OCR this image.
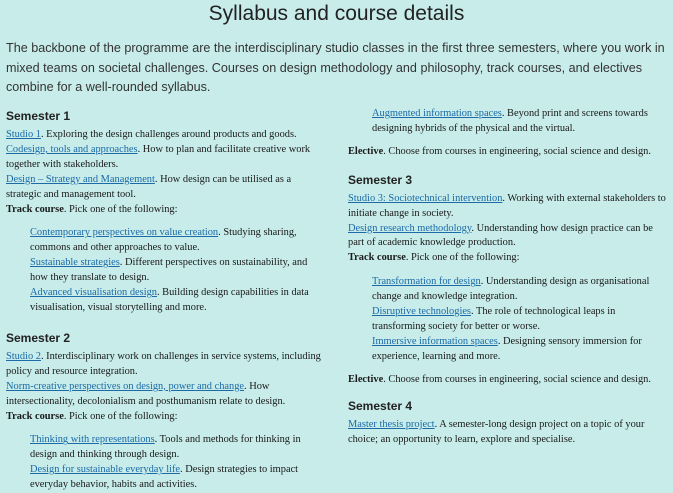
Syllabus and course details
The backbone of the programme are the interdisciplinary studio classes in the first three semesters, where you work in mixed teams on societal challenges. Courses on design methodology and philosophy, track courses, and electives combine for a well-rounded syllabus.
Semester 1

Studio 1. Exploring the design challenges around products and goods.

Codesign, tools and approaches. How to plan and facilitate creative work together with stakeholders.

Design – Strategy and Management. How design can be utilised as a strategic and management tool.

Track course. Pick one of the following:

Contemporary perspectives on value creation. Studying sharing, commons and other approaches to value.

Sustainable strategies. Different perspectives on sustainability, and how they translate to design.

Advanced visualisation design. Building design capabilities in data visualisation, visual storytelling and more.

Semester 2

Studio 2. Interdisciplinary work on challenges in service systems, including policy and resource integration.

Norm-creative perspectives on design, power and change. How intersectionality, decolonialism and posthumanism relate to design.

Track course. Pick one of the following:

Thinking with representations. Tools and methods for thinking in design and thinking through design.

Design for sustainable everyday life. Design strategies to impact everyday behavior, habits and activities.

Augmented information spaces. Beyond print and screens towards designing hybrids of the physical and the virtual.

Elective. Choose from courses in engineering, social science and design.

Semester 3

Studio 3: Sociotechnical intervention. Working with external stakeholders to initiate change in society.

Design research methodology. Understanding how design practice can be part of academic knowledge production.

Track course. Pick one of the following:

Transformation for design. Understanding design as organisational change and knowledge integration.

Disruptive technologies. The role of technological leaps in transforming society for better or worse.

Immersive information spaces. Designing sensory immersion for experience, learning and more.

Elective. Choose from courses in engineering, social science and design.

Semester 4

Master thesis project. A semester-long design project on a topic of your choice; an opportunity to learn, explore and specialise.
